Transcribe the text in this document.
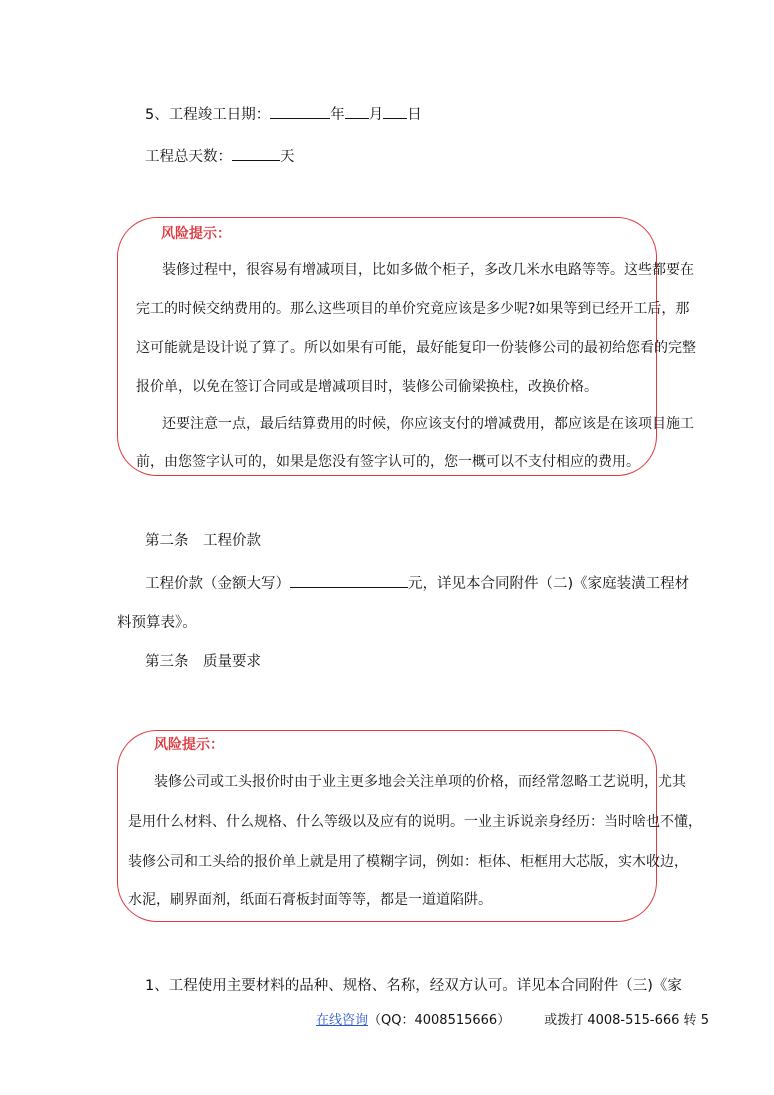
5、工程竣工日期：	年 月 日
工程总天数：	天
风险提示：
装修过程中，很容易有增减项目，比如多做个柜子，多改几米水电路等等。这些都要在
完工的时候交纳费用的。那么这些项目的单价究竟应该是多少呢?如果等到已经开工后，那
这可能就是设计说了算了。所以如果有可能，最好能复印一份装修公司的最初给您看的完整
报价单，以免在签订合同或是增减项目时，装修公司偷梁换柱，改换价格。
还要注意一点，最后结算费用的时候，你应该支付的增减费用，都应该是在该项目施工
前，由您签字认可的，如果是您没有签字认可的，您一概可以不支付相应的费用。
第二条　工程价款
工程价款（金额大写）	元，详见本合同附件（二)《家庭装潢工程材
料预算表》。
第三条　质量要求
风险提示：
装修公司或工头报价时由于业主更多地会关注单项的价格，而经常忽略工艺说明，尤其
是用什么材料、什么规格、什么等级以及应有的说明。一业主诉说亲身经历：当时啥也不懂，
装修公司和工头给的报价单上就是用了模糊字词，例如：柜体、柜框用大芯版，实木收边，
水泥，刷界面剂，纸面石膏板封面等等，都是一道道陷阱。
1、工程使用主要材料的品种、规格、名称，经双方认可。详见本合同附件（三)《家
在线咨询（QQ：4008515666）	或拨打 4008-515-666 转 5
